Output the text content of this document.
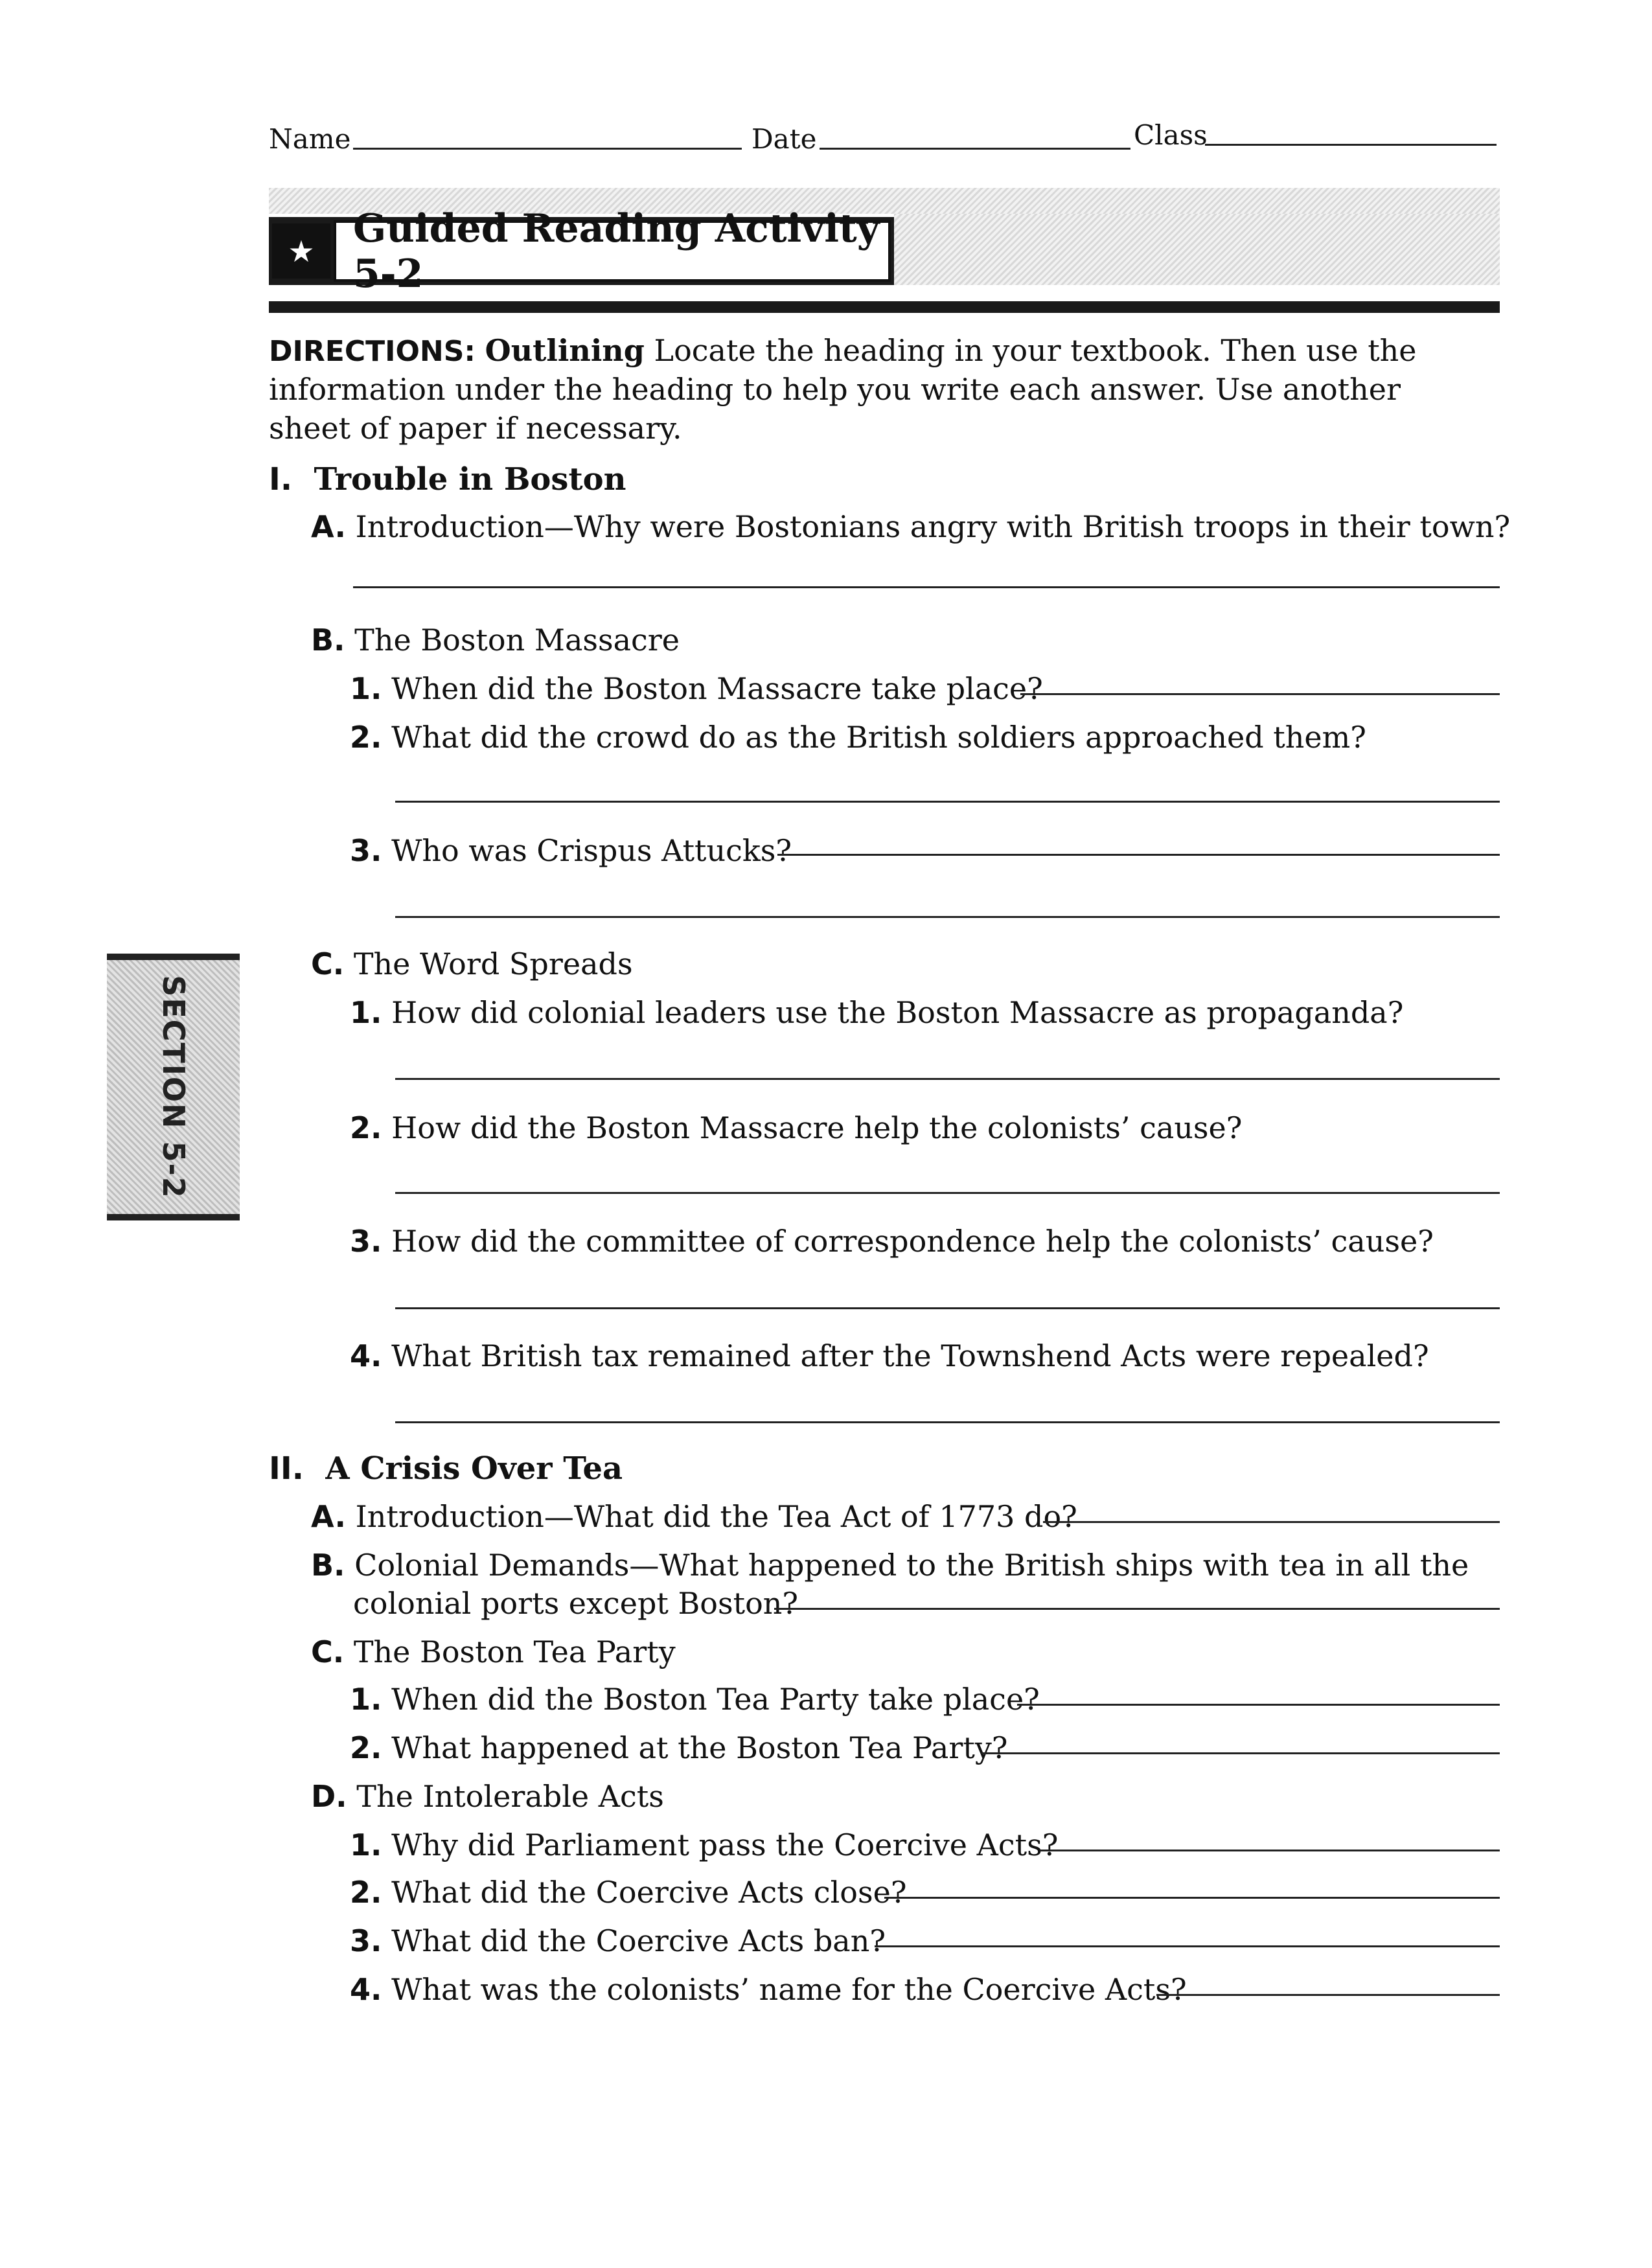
Name	Date	Class
★ Guided Reading Activity 5-2
SECTION 5-2
DIRECTIONS: Outlining Locate the heading in your textbook. Then use the
information under the heading to help you write each answer. Use another
sheet of paper if necessary.
I. Trouble in Boston
A. Introduction—Why were Bostonians angry with British troops in their town?
B. The Boston Massacre
1. When did the Boston Massacre take place?
2. What did the crowd do as the British soldiers approached them?
3. Who was Crispus Attucks?
C. The Word Spreads
1. How did colonial leaders use the Boston Massacre as propaganda?
2. How did the Boston Massacre help the colonists’ cause?
3. How did the committee of correspondence help the colonists’ cause?
4. What British tax remained after the Townshend Acts were repealed?
II. A Crisis Over Tea
A. Introduction—What did the Tea Act of 1773 do?
B. Colonial Demands—What happened to the British ships with tea in all the
colonial ports except Boston?
C. The Boston Tea Party
1. When did the Boston Tea Party take place?
2. What happened at the Boston Tea Party?
D. The Intolerable Acts
1. Why did Parliament pass the Coercive Acts?
2. What did the Coercive Acts close?
3. What did the Coercive Acts ban?
4. What was the colonists’ name for the Coercive Acts?
